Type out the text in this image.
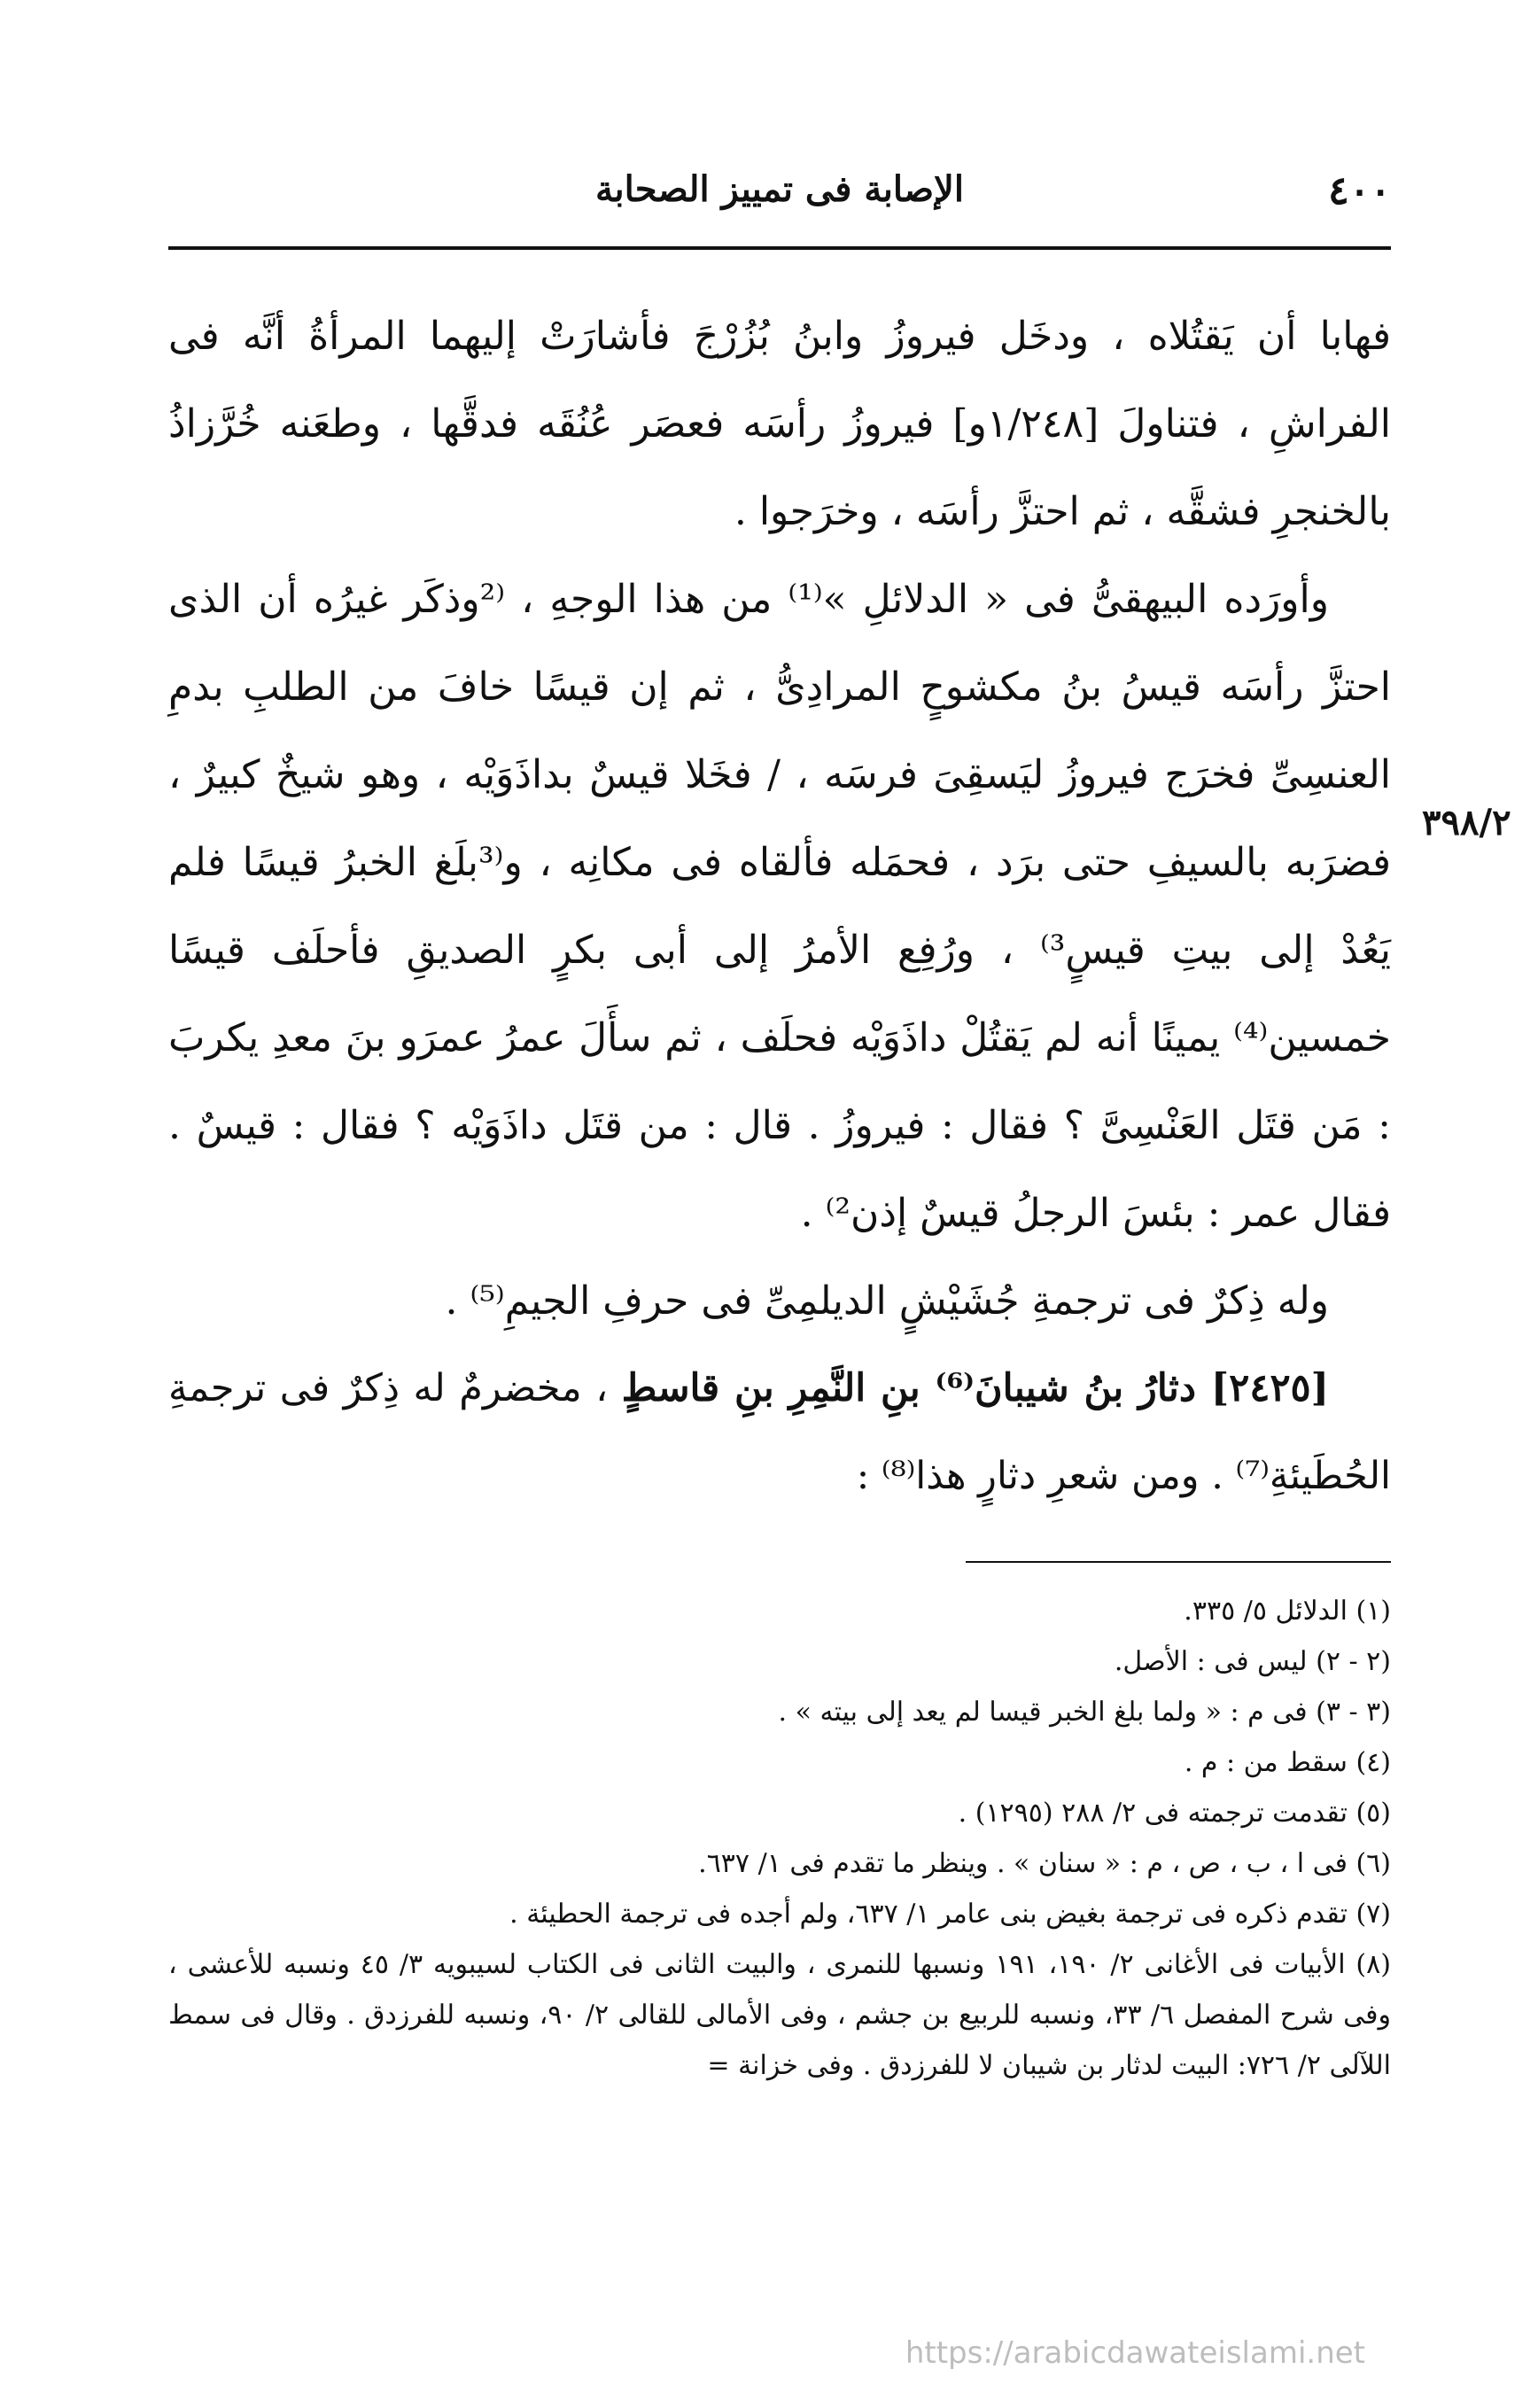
٤٠٠
الإصابة فى تمييز الصحابة
٣٩٨/٢

فهابا أن يَقتُلاه ، ودخَل فيروزُ وابنُ بُزُرْجَ فأشارَتْ إليهما المرأةُ أنَّه فى الفراشِ ، فتناولَ [١/٢٤٨و] فيروزُ رأسَه فعصَر عُنُقَه فدقَّها ، وطعَنه خُرَّزاذُ بالخنجرِ فشقَّه ، ثم احتزَّ رأسَه ، وخرَجوا .

وأورَده البيهقىُّ فى « الدلائلِ »⁽¹⁾ من هذا الوجهِ ، ⁽²وذكَر غيرُه أن الذى احتزَّ رأسَه قيسُ بنُ مكشوحٍ المرادِىُّ ، ثم إن قيسًا خافَ من الطلبِ بدمِ العنسِىِّ فخرَج فيروزُ ليَسقِىَ فرسَه ، / فخَلا قيسٌ بداذَوَيْه ، وهو شيخٌ كبيرٌ ، فضرَبه بالسيفِ حتى برَد ، فحمَله فألقاه فى مكانِه ، و⁽³بلَغ الخبرُ قيسًا فلم يَعُدْ إلى بيتِ قيسٍ³⁾ ، ورُفِع الأمرُ إلى أبى بكرٍ الصديقِ فأحلَف قيسًا خمسين⁽⁴⁾ يمينًا أنه لم يَقتُلْ داذَوَيْه فحلَف ، ثم سأَلَ عمرُ عمرَو بنَ معدِ يكربَ : مَن قتَل العَنْسِىَّ ؟ فقال : فيروزُ . قال : من قتَل داذَوَيْه ؟ فقال : قيسٌ . فقال عمر : بئسَ الرجلُ قيسٌ إذن²⁾ .

وله ذِكرٌ فى ترجمةِ جُشَيْشٍ الديلمِىِّ فى حرفِ الجيمِ⁽⁵⁾ .

[٢٤٢٥] دثارُ بنُ شيبانَ⁽⁶⁾ بنِ النَّمِرِ بنِ قاسطٍ ، مخضرمٌ له ذِكرٌ فى ترجمةِ الحُطَيئةِ⁽⁷⁾ . ومن شعرِ دثارٍ هذا⁽⁸⁾ :

(١) الدلائل ٥/ ٣٣٥.

(٢ - ٢) ليس فى : الأصل.

(٣ - ٣) فى م : « ولما بلغ الخبر قيسا لم يعد إلى بيته » .

(٤) سقط من : م .

(٥) تقدمت ترجمته فى ٢/ ٢٨٨ (١٢٩٥) .

(٦) فى ا ، ب ، ص ، م : « سنان » . وينظر ما تقدم فى ١/ ٦٣٧.

(٧) تقدم ذكره فى ترجمة بغيض بنى عامر ١/ ٦٣٧، ولم أجده فى ترجمة الحطيئة .

(٨) الأبيات فى الأغانى ٢/ ١٩٠، ١٩١ ونسبها للنمرى ، والبيت الثانى فى الكتاب لسيبويه ٣/ ٤٥ ونسبه للأعشى ، وفى شرح المفصل ٦/ ٣٣، ونسبه للربيع بن جشم ، وفى الأمالى للقالى ٢/ ٩٠، ونسبه للفرزدق . وقال فى سمط اللآلى ٢/ ٧٢٦: البيت لدثار بن شيبان لا للفرزدق . وفى خزانة =

https://arabicdawateislami.net
